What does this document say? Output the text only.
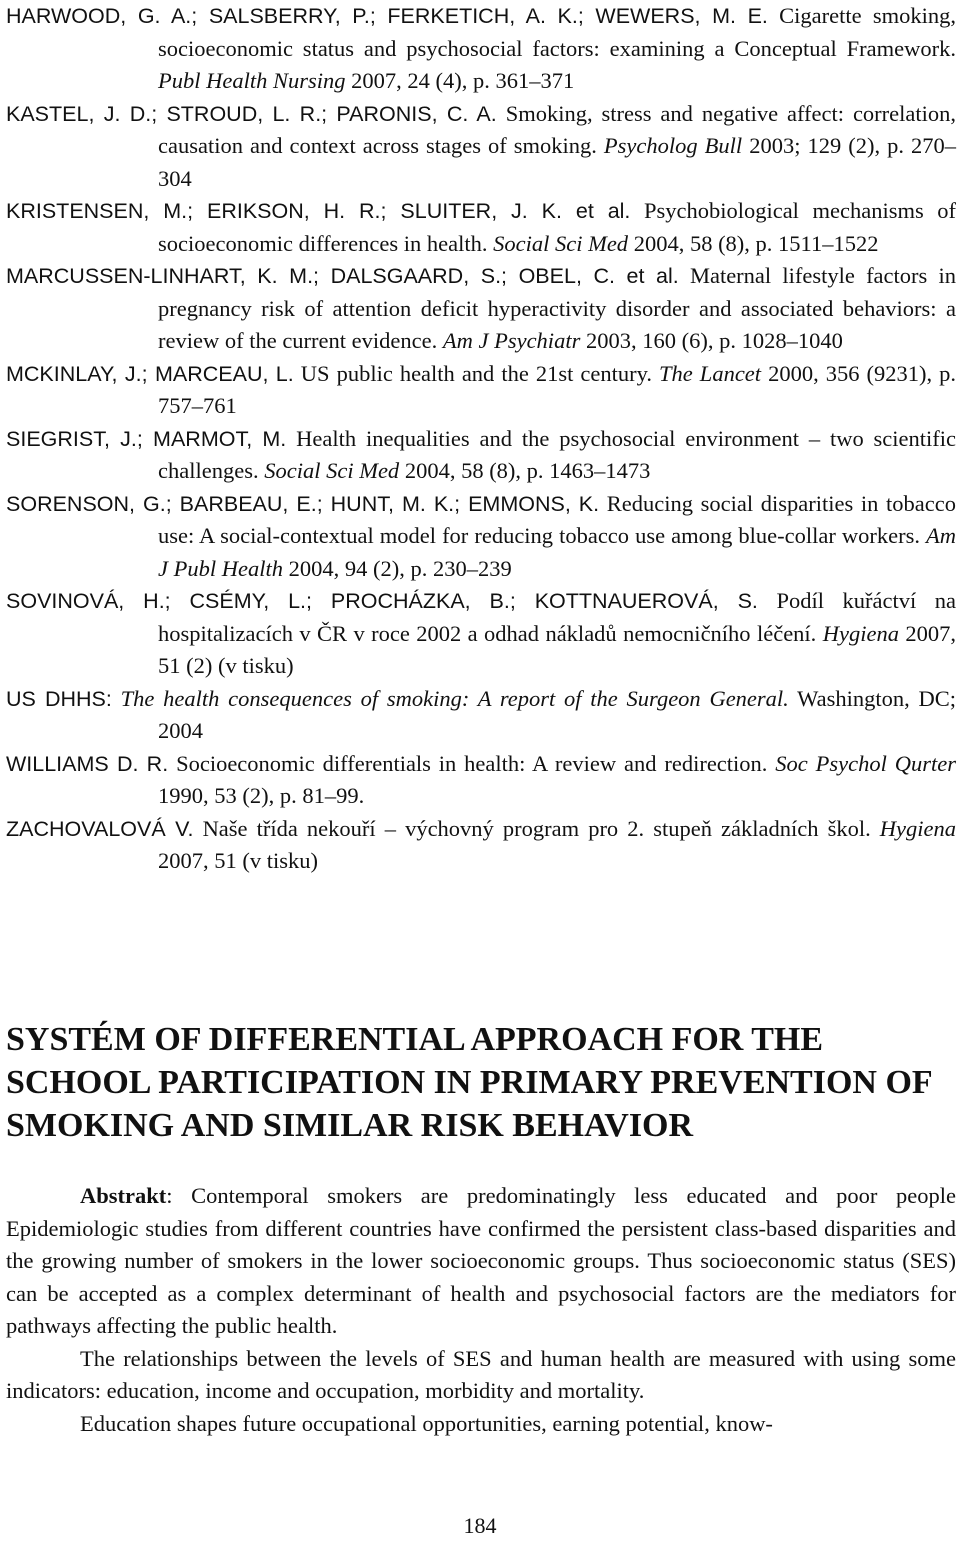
HARWOOD, G. A.; SALSBERRY, P.; FERKETICH, A. K.; WEWERS, M. E. Cigarette smoking, socioeconomic status and psychosocial factors: examining a Conceptual Framework. Publ Health Nursing 2007, 24 (4), p. 361–371
KASTEL, J. D.; STROUD, L. R.; PARONIS, C. A. Smoking, stress and negative affect: correlation, causation and context across stages of smoking. Psycholog Bull 2003; 129 (2), p. 270–304
KRISTENSEN, M.; ERIKSON, H. R.; SLUITER, J. K. et al. Psychobiological mechanisms of socioeconomic differences in health. Social Sci Med 2004, 58 (8), p. 1511–1522
MARCUSSEN-LINHART, K. M.; DALSGAARD, S.; OBEL, C. et al. Maternal lifestyle factors in pregnancy risk of attention deficit hyperactivity disorder and associated behaviors: a review of the current evidence. Am J Psychiatr 2003, 160 (6), p. 1028–1040
MCKINLAY, J.; MARCEAU, L. US public health and the 21st century. The Lancet 2000, 356 (9231), p. 757–761
SIEGRIST, J.; MARMOT, M. Health inequalities and the psychosocial environment – two scientific challenges. Social Sci Med 2004, 58 (8), p. 1463–1473
SORENSON, G.; BARBEAU, E.; HUNT, M. K.; EMMONS, K. Reducing social disparities in tobacco use: A social-contextual model for reducing tobacco use among blue-collar workers. Am J Publ Health 2004, 94 (2), p. 230–239
SOVINOVÁ, H.; CSÉMY, L.; PROCHÁZKA, B.; KOTTNAUEROVÁ, S. Podíl kuřáctví na hospitalizacích v ČR v roce 2002 a odhad nákladů nemocničního léčení. Hygiena 2007, 51 (2) (v tisku)
US DHHS: The health consequences of smoking: A report of the Surgeon General. Washington, DC; 2004
WILLIAMS D. R. Socioeconomic differentials in health: A review and redirection. Soc Psychol Qurter 1990, 53 (2), p. 81–99.
ZACHOVALOVÁ V. Naše třída nekouří – výchovný program pro 2. stupeň základních škol. Hygiena 2007, 51 (v tisku)
SYSTÉM OF DIFFERENTIAL APPROACH FOR THE SCHOOL PARTICIPATION IN PRIMARY PREVENTION OF SMOKING AND SIMILAR RISK BEHAVIOR

Abstrakt: Contemporal smokers are predominatingly less educated and poor people Epidemiologic studies from different countries have confirmed the persistent class-based disparities and the growing number of smokers in the lower socioeconomic groups. Thus socioeconomic status (SES) can be accepted as a complex determinant of health and psychosocial factors are the mediators for pathways affecting the public health.

The relationships between the levels of SES and human health are measured with using some indicators: education, income and occupation, morbidity and mortality.

Education shapes future occupational opportunities, earning potential, know-

184
